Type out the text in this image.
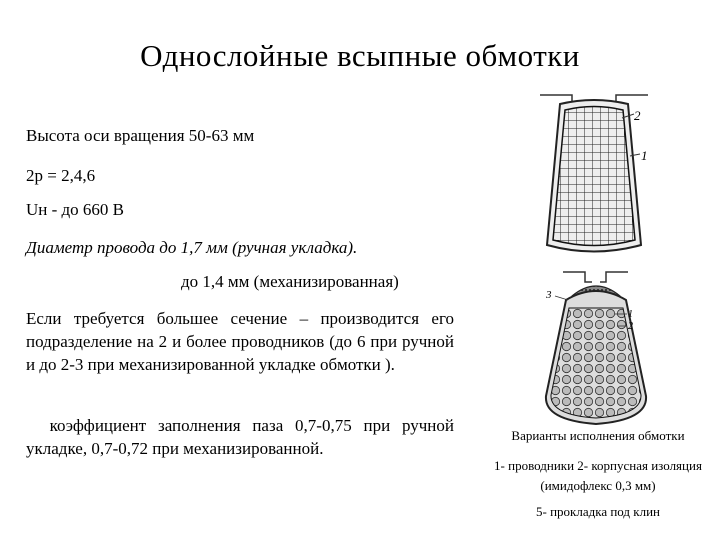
Однослойные всыпные обмотки
Высота оси вращения 50-63 мм
2р = 2,4,6
Uн - до 660 В
Диаметр провода до 1,7 мм (ручная укладка).
до 1,4 мм (механизированная)
Если требуется большее сечение – производится его подразделение на 2 и более проводников (до 6 при ручной и до 2-3 при механизированной укладке обмотки ).
коэффициент заполнения паза 0,7-0,75 при ручной укладке, 0,7-0,72 при механизированной.
2
1
3
1
2
Варианты исполнения обмотки
1- проводники 2- корпусная изоляция (имидофлекс 0,3 мм)
5- прокладка под клин
